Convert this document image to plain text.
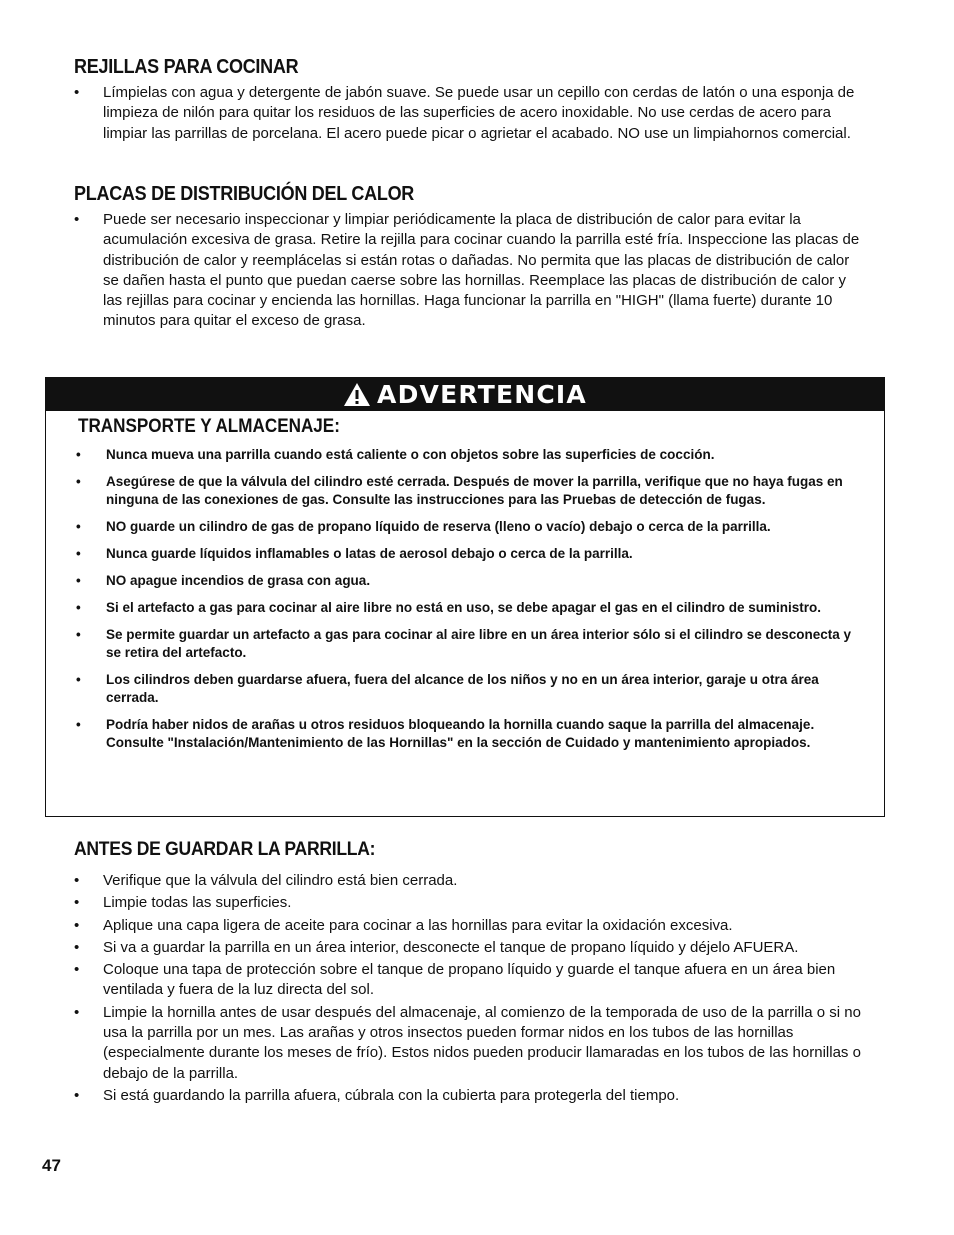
REJILLAS PARA COCINAR
• Límpielas con agua y detergente de jabón suave. Se puede usar un cepillo con cerdas de latón o una esponja de limpieza de nilón para quitar los residuos de las superficies de acero inoxidable. No use cerdas de acero para limpiar las parrillas de porcelana. El acero puede picar o agrietar el acabado. NO use un limpiahornos comercial.
PLACAS DE DISTRIBUCIÓN DEL CALOR
• Puede ser necesario inspeccionar y limpiar periódicamente la placa de distribución de calor para evitar la acumulación excesiva de grasa. Retire la rejilla para cocinar cuando la parrilla esté fría. Inspeccione las placas de distribución de calor y reemplácelas si están rotas o dañadas. No permita que las placas de distribución de calor se dañen hasta el punto que puedan caerse sobre las hornillas. Reemplace las placas de distribución de calor y las rejillas para cocinar y encienda las hornillas. Haga funcionar la parrilla en "HIGH" (llama fuerte) durante 10 minutos para quitar el exceso de grasa.
ADVERTENCIA
TRANSPORTE Y ALMACENAJE:
• Nunca mueva una parrilla cuando está caliente o con objetos sobre las superficies de cocción.
• Asegúrese de que la válvula del cilindro esté cerrada. Después de mover la parrilla, verifique que no haya fugas en ninguna de las conexiones de gas. Consulte las instrucciones para las Pruebas de detección de fugas.
• NO guarde un cilindro de gas de propano líquido de reserva (lleno o vacío) debajo o cerca de la parrilla.
• Nunca guarde líquidos inflamables o latas de aerosol debajo o cerca de la parrilla.
• NO apague incendios de grasa con agua.
• Si el artefacto a gas para cocinar al aire libre no está en uso, se debe apagar el gas en el cilindro de suministro.
• Se permite guardar un artefacto a gas para cocinar al aire libre en un área interior sólo si el cilindro se desconecta y se retira del artefacto.
• Los cilindros deben guardarse afuera, fuera del alcance de los niños y no en un área interior, garaje u otra área cerrada.
• Podría haber nidos de arañas u otros residuos bloqueando la hornilla cuando saque la parrilla del almacenaje. Consulte "Instalación/Mantenimiento de las Hornillas" en la sección de Cuidado y mantenimiento apropiados.
ANTES DE GUARDAR LA PARRILLA:
• Verifique que la válvula del cilindro está bien cerrada.
• Limpie todas las superficies.
• Aplique una capa ligera de aceite para cocinar a las hornillas para evitar la oxidación excesiva.
• Si va a guardar la parrilla en un área interior, desconecte el tanque de propano líquido y déjelo AFUERA.
• Coloque una tapa de protección sobre el tanque de propano líquido y guarde el tanque afuera en un área bien ventilada y fuera de la luz directa del sol.
• Limpie la hornilla antes de usar después del almacenaje, al comienzo de la temporada de uso de la parrilla o si no usa la parrilla por un mes. Las arañas y otros insectos pueden formar nidos en los tubos de las hornillas (especialmente durante los meses de frío). Estos nidos pueden producir llamaradas en los tubos de las hornillas o debajo de la parrilla.
• Si está guardando la parrilla afuera, cúbrala con la cubierta para protegerla del tiempo.
47
